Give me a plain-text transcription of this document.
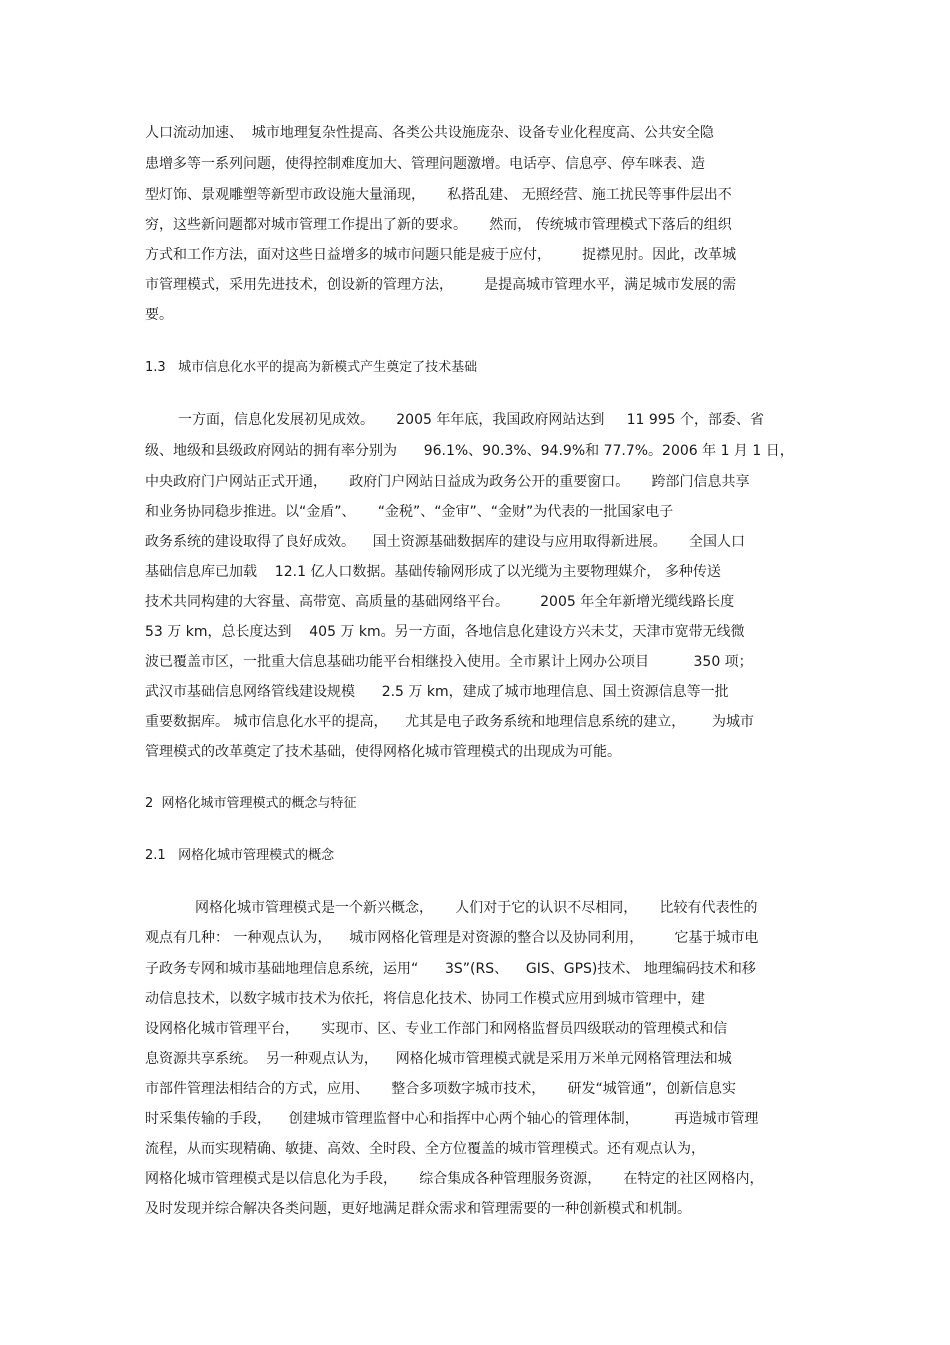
人口流动加速、  城市地理复杂性提高、各类公共设施庞杂、设备专业化程度高、公共安全隐
患增多等一系列问题，使得控制难度加大、管理问题激增。电话亭、信息亭、停车咪表、造
型灯饰、景观雕塑等新型市政设施大量涌现，     私搭乱建、 无照经营、施工扰民等事件层出不
穷，这些新问题都对城市管理工作提出了新的要求。     然而， 传统城市管理模式下落后的组织
方式和工作方法，面对这些日益增多的城市问题只能是疲于应付，       捉襟见肘。因此，改革城
市管理模式，采用先进技术，创设新的管理方法，       是提高城市管理水平，满足城市发展的需
要。
1.3   城市信息化水平的提高为新模式产生奠定了技术基础
一方面，信息化发展初见成效。     2005 年年底，我国政府网站达到     11 995 个，部委、省
级、地级和县级政府网站的拥有率分别为      96.1%、90.3%、94.9%和 77.7%。2006 年 1 月 1 日，
中央政府门户网站正式开通，     政府门户网站日益成为政务公开的重要窗口。     跨部门信息共享
和业务协同稳步推进。以“金盾”、     “金税”、“金审”、“金财”为代表的一批国家电子
政务系统的建设取得了良好成效。    国土资源基础数据库的建设与应用取得新进展。     全国人口
基础信息库已加载    12.1 亿人口数据。基础传输网形成了以光缆为主要物理媒介， 多种传送
技术共同构建的大容量、高带宽、高质量的基础网络平台。       2005 年全年新增光缆线路长度
53 万 km，总长度达到    405 万 km。另一方面，各地信息化建设方兴未艾，天津市宽带无线微
波已覆盖市区，一批重大信息基础功能平台相继投入使用。全市累计上网办公项目          350 项；
武汉市基础信息网络管线建设规模      2.5 万 km，建成了城市地理信息、国土资源信息等一批
重要数据库。 城市信息化水平的提高，    尤其是电子政务系统和地理信息系统的建立，      为城市
管理模式的改革奠定了技术基础，使得网格化城市管理模式的出现成为可能。
2  网格化城市管理模式的概念与特征
2.1   网格化城市管理模式的概念
网格化城市管理模式是一个新兴概念，     人们对于它的认识不尽相同，     比较有代表性的
观点有几种： 一种观点认为，    城市网格化管理是对资源的整合以及协同利用，       它基于城市电
子政务专网和城市基础地理信息系统，运用“      3S”(RS、    GIS、GPS)技术、 地理编码技术和移
动信息技术，以数字城市技术为依托，将信息化技术、协同工作模式应用到城市管理中，建
设网格化城市管理平台，     实现市、区、专业工作部门和网格监督员四级联动的管理模式和信
息资源共享系统。  另一种观点认为，    网格化城市管理模式就是采用万米单元网格管理法和城
市部件管理法相结合的方式，应用、     整合多项数字城市技术，     研发“城管通”，创新信息实
时采集传输的手段，    创建城市管理监督中心和指挥中心两个轴心的管理体制，        再造城市管理
流程，从而实现精确、敏捷、高效、全时段、全方位覆盖的城市管理模式。还有观点认为，
网格化城市管理模式是以信息化为手段，     综合集成各种管理服务资源，     在特定的社区网格内，
及时发现并综合解决各类问题，更好地满足群众需求和管理需要的一种创新模式和机制。
